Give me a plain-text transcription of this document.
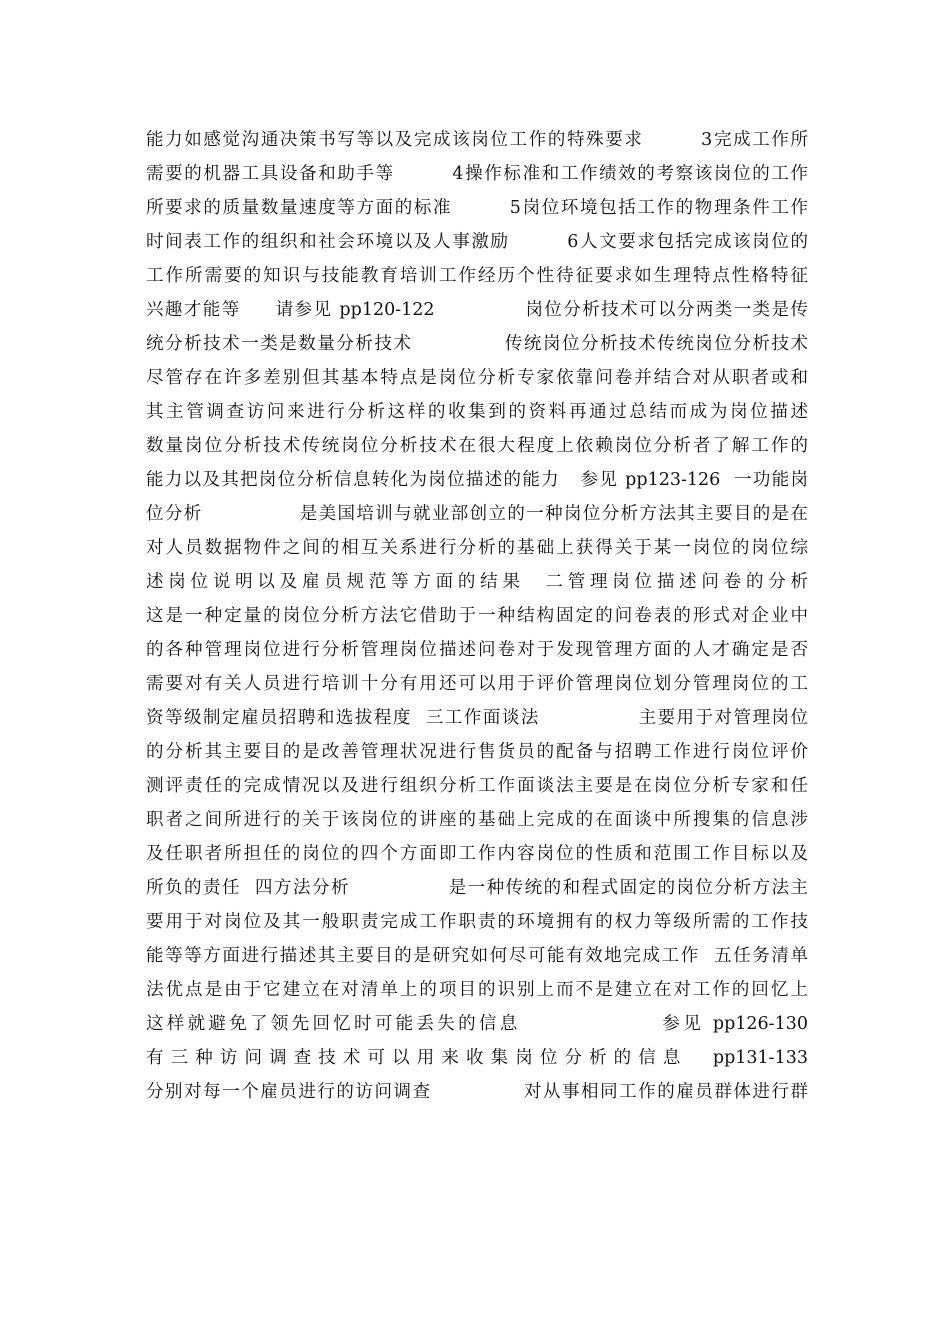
能力如感觉沟通决策书写等以及完成该岗位工作的特殊要求        3完成工作所
需要的机器工具设备和助手等        4操作标准和工作绩效的考察该岗位的工作
所要求的质量数量速度等方面的标准        5岗位环境包括工作的物理条件工作
时间表工作的组织和社会环境以及人事激励        6人文要求包括完成该岗位的
工作所需要的知识与技能教育培训工作经历个性待征要求如生理特点性格特征
兴趣才能等     请参见 pp120-122             岗位分析技术可以分两类一类是传
统分析技术一类是数量分析技术             传统岗位分析技术传统岗位分析技术
尽管存在许多差别但其基本特点是岗位分析专家依靠问卷并结合对从职者或和
其主管调查访问来进行分析这样的收集到的资料再通过总结而成为岗位描述
数量岗位分析技术传统岗位分析技术在很大程度上依赖岗位分析者了解工作的
能力以及其把岗位分析信息转化为岗位描述的能力   参见 pp123-126  一功能岗
位分析              是美国培训与就业部创立的一种岗位分析方法其主要目的是在
对人员数据物件之间的相互关系进行分析的基础上获得关于某一岗位的岗位综
述岗位说明以及雇员规范等方面的结果  二管理岗位描述问卷的分析
这是一种定量的岗位分析方法它借助于一种结构固定的问卷表的形式对企业中
的各种管理岗位进行分析管理岗位描述问卷对于发现管理方面的人才确定是否
需要对有关人员进行培训十分有用还可以用于评价管理岗位划分管理岗位的工
资等级制定雇员招聘和选拔程度  三工作面谈法              主要用于对管理岗位
的分析其主要目的是改善管理状况进行售货员的配备与招聘工作进行岗位评价
测评责任的完成情况以及进行组织分析工作面谈法主要是在岗位分析专家和任
职者之间所进行的关于该岗位的讲座的基础上完成的在面谈中所搜集的信息涉
及任职者所担任的岗位的四个方面即工作内容岗位的性质和范围工作目标以及
所负的责任  四方法分析              是一种传统的和程式固定的岗位分析方法主
要用于对岗位及其一般职责完成工作职责的环境拥有的权力等级所需的工作技
能等等方面进行描述其主要目的是研究如何尽可能有效地完成工作  五任务清单
法优点是由于它建立在对清单上的项目的识别上而不是建立在对工作的回忆上
这样就避免了领先回忆时可能丢失的信息                参见 pp126-130
有三种访问调查技术可以用来收集岗位分析的信息  pp131-133
分别对每一个雇员进行的访问调查             对从事相同工作的雇员群体进行群
